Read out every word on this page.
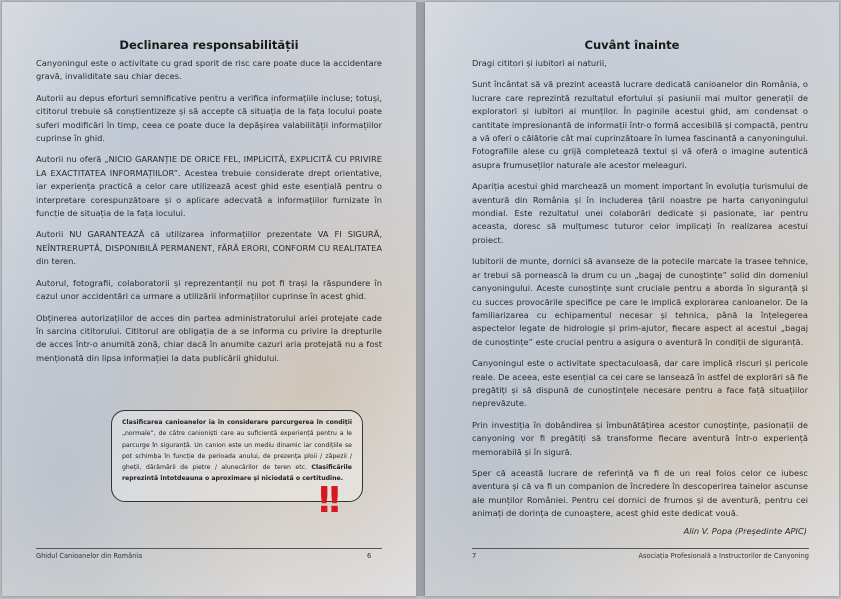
Declinarea responsabilității

Canyoningul este o activitate cu grad sporit de risc care poate duce la accidentare gravă, invaliditate sau chiar deces.

Autorii au depus eforturi semnificative pentru a verifica informațiile incluse; totuși, cititorul trebuie să conștientizeze și să accepte că situația de la fața locului poate suferi modificări în timp, ceea ce poate duce la depășirea valabilității informațiilor cuprinse în ghid.

Autorii nu oferă „NICIO GARANȚIE DE ORICE FEL, IMPLICITĂ, EXPLICITĂ CU PRIVIRE LA EXACTITATEA INFORMAȚIILOR”. Acestea trebuie considerate drept orientative, iar experiența practică a celor care utilizează acest ghid este esențială pentru o interpretare corespunzătoare și o aplicare adecvată a informațiilor furnizate în funcție de situația de la fața locului.

Autorii NU GARANTEAZĂ că utilizarea informațiilor prezentate VA FI SIGURĂ, NEÎNTRERUPTĂ, DISPONIBILĂ PERMANENT, FĂRĂ ERORI, CONFORM CU REALITATEA din teren.

Autorul, fotografii, colaboratorii și reprezentanții nu pot fi trași la răspundere în cazul unor accidentări ca urmare a utilizării informațiilor cuprinse în acest ghid.

Obținerea autorizațiilor de acces din partea administratorului ariei protejate cade în sarcina cititorului. Cititorul are obligația de a se informa cu privire la drepturile de acces într-o anumită zonă, chiar dacă în anumite cazuri aria protejată nu a fost menționată din lipsa informației la data publicării ghidului.

Clasificarea canioanelor ia în considerare parcurgerea în condiții „normale”, de către canioniști care au suficientă experiență pentru a le parcurge în siguranță. Un canion este un mediu dinamic iar condițiile se pot schimba în funcție de perioada anului, de prezența ploii / zăpezii / gheții, dărâmării de pietre / alunecărilor de teren etc. Clasificările reprezintă întotdeauna o aproximare și niciodată o certitudine.
!!
Ghidul Canioanelor din România	6
Cuvânt înainte

Dragi cititori și iubitori ai naturii,

Sunt încântat să vă prezint această lucrare dedicată canioanelor din România, o lucrare care reprezintă rezultatul efortului și pasiunii mai multor generații de exploratori și iubitori ai munților. În paginile acestui ghid, am condensat o cantitate impresionantă de informații într-o formă accesibilă și compactă, pentru a vă oferi o călătorie cât mai cuprinzătoare în lumea fascinantă a canyoningului. Fotografiile alese cu grijă completează textul și vă oferă o imagine autentică asupra frumuseților naturale ale acestor meleaguri.

Apariția acestui ghid marchează un moment important în evoluția turismului de aventură din România și în includerea țării noastre pe harta canyoningului mondial. Este rezultatul unei colaborări dedicate și pasionate, iar pentru aceasta, doresc să mulțumesc tuturor celor implicați în realizarea acestui proiect.

Iubitorii de munte, dornici să avanseze de la potecile marcate la trasee tehnice, ar trebui să pornească la drum cu un „bagaj de cunoștințe” solid din domeniul canyoningului. Aceste cunoștințe sunt cruciale pentru a aborda în siguranță și cu succes provocările specifice pe care le implică explorarea canioanelor. De la familiarizarea cu echipamentul necesar și tehnica, până la înțelegerea aspectelor legate de hidrologie și prim-ajutor, fiecare aspect al acestui „bagaj de cunoștințe” este crucial pentru a asigura o aventură în condiții de siguranță.

Canyoningul este o activitate spectaculoasă, dar care implică riscuri și pericole reale. De aceea, este esențial ca cei care se lansează în astfel de explorări să fie pregătiți și să dispună de cunoștințele necesare pentru a face față situațiilor neprevăzute.

Prin investiția în dobândirea și îmbunătățirea acestor cunoștințe, pasionații de canyoning vor fi pregătiți să transforme fiecare aventură într-o experiență memorabilă și în sigură.

Sper că această lucrare de referință va fi de un real folos celor ce iubesc aventura și că va fi un companion de încredere în descoperirea tainelor ascunse ale munților României. Pentru cei dornici de frumos și de aventură, pentru cei animați de dorința de cunoaștere, acest ghid este dedicat vouă.

Alin V. Popa (Președinte APIC)
7	Asociația Profesională a Instructorilor de Canyoning
